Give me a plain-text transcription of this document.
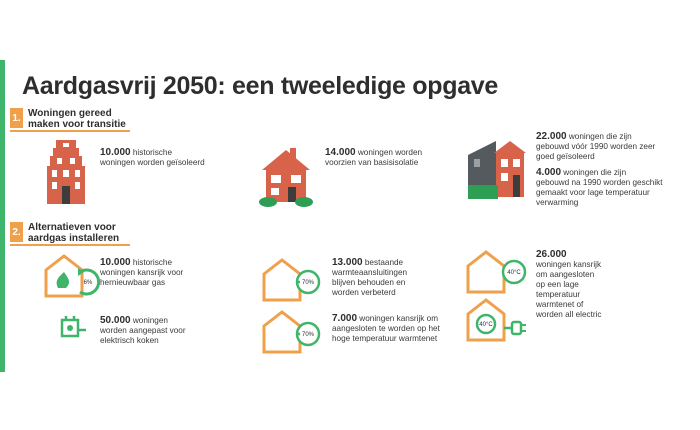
Aardgasvrij 2050: een tweeledige opgave
1. Woningen gereed
maken voor transitie
10.000 historische
woningen worden geïsoleerd
14.000 woningen worden
voorzien van basisisolatie
22.000 woningen die zijn
gebouwd vóór 1990 worden zeer
goed geïsoleerd
4.000 woningen die zijn
gebouwd na 1990 worden geschikt
gemaakt voor lage temperatuur
verwarming
2. Alternatieven voor
aardgas installeren
6%	70%
40°C
70%
40°C
10.000 historische
woningen kansrijk voor
hernieuwbaar gas
13.000 bestaande
warmteaansluitingen
blijven behouden en
worden verbeterd
26.000
woningen kansrijk
om aangesloten
op een lage
temperatuur
warmtenet of
worden all electric
50.000 woningen
worden aangepast voor
elektrisch koken
7.000 woningen kansrijk om
aangesloten te worden op het
hoge temperatuur warmtenet
